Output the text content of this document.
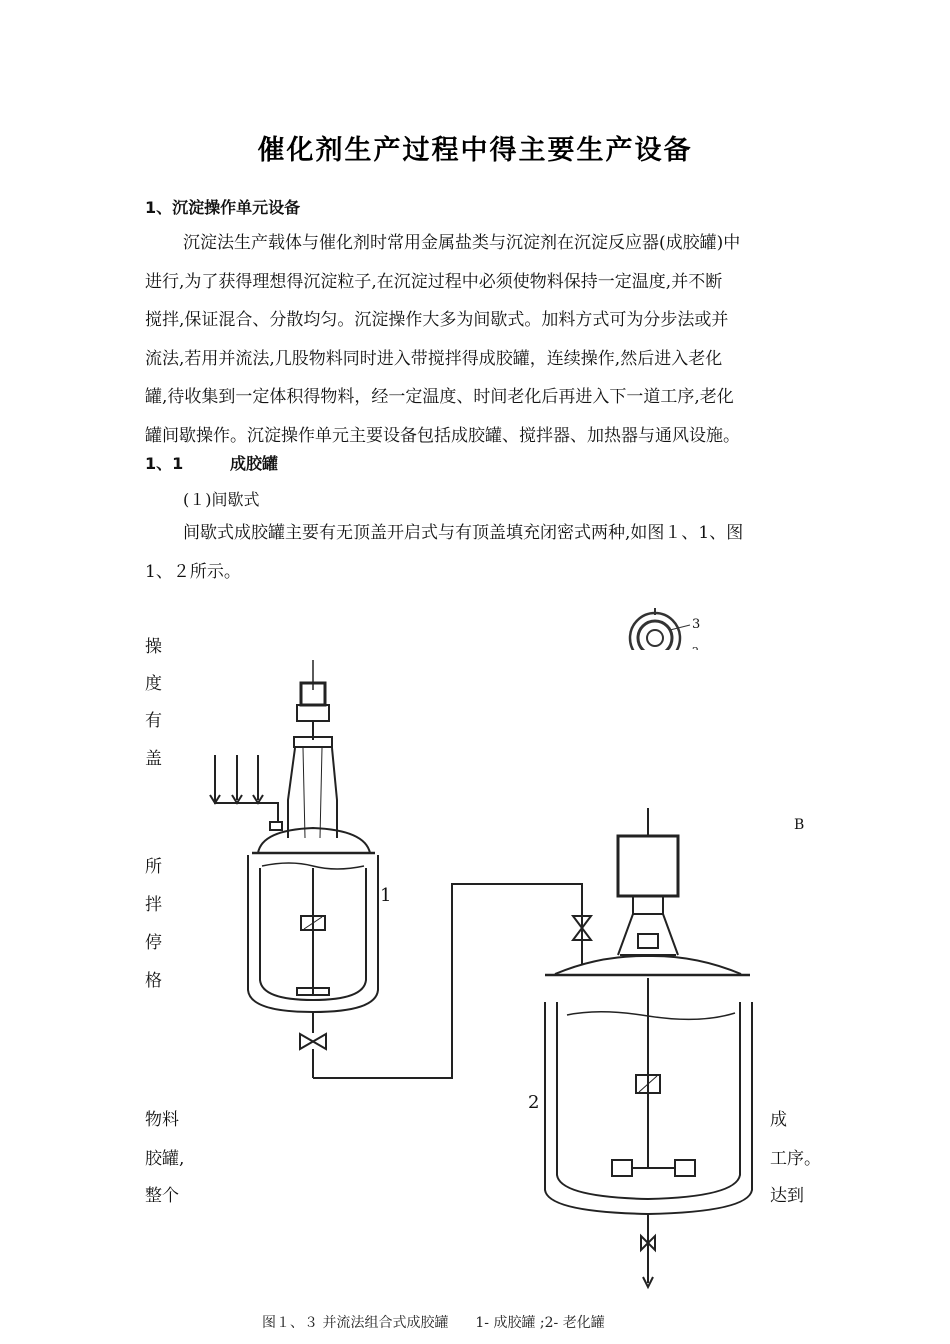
催化剂生产过程中得主要生产设备
1、沉淀操作单元设备
沉淀法生产载体与催化剂时常用金属盐类与沉淀剂在沉淀反应器(成胶罐)中
进行,为了获得理想得沉淀粒子,在沉淀过程中必须使物料保持一定温度,并不断
搅拌,保证混合、分散均匀。沉淀操作大多为间歇式。加料方式可为分步法或并
流法,若用并流法,几股物料同时进入带搅拌得成胶罐，连续操作,然后进入老化
罐,待收集到一定体积得物料，经一定温度、时间老化后再进入下一道工序,老化
罐间歇操作。沉淀操作单元主要设备包括成胶罐、搅拌器、加热器与通风设施。
1、1	成胶罐
(１)间歇式
间歇式成胶罐主要有无顶盖开启式与有顶盖填充闭密式两种,如图１、1、图
1、２所示。
操
度
有
盖
所
拌
停
格
B
成
工序。
达到
物料
胶罐,
整个
3
1
2
图１、３ 并流法组合式成胶罐 1- 成胶罐 ;2- 老化罐
